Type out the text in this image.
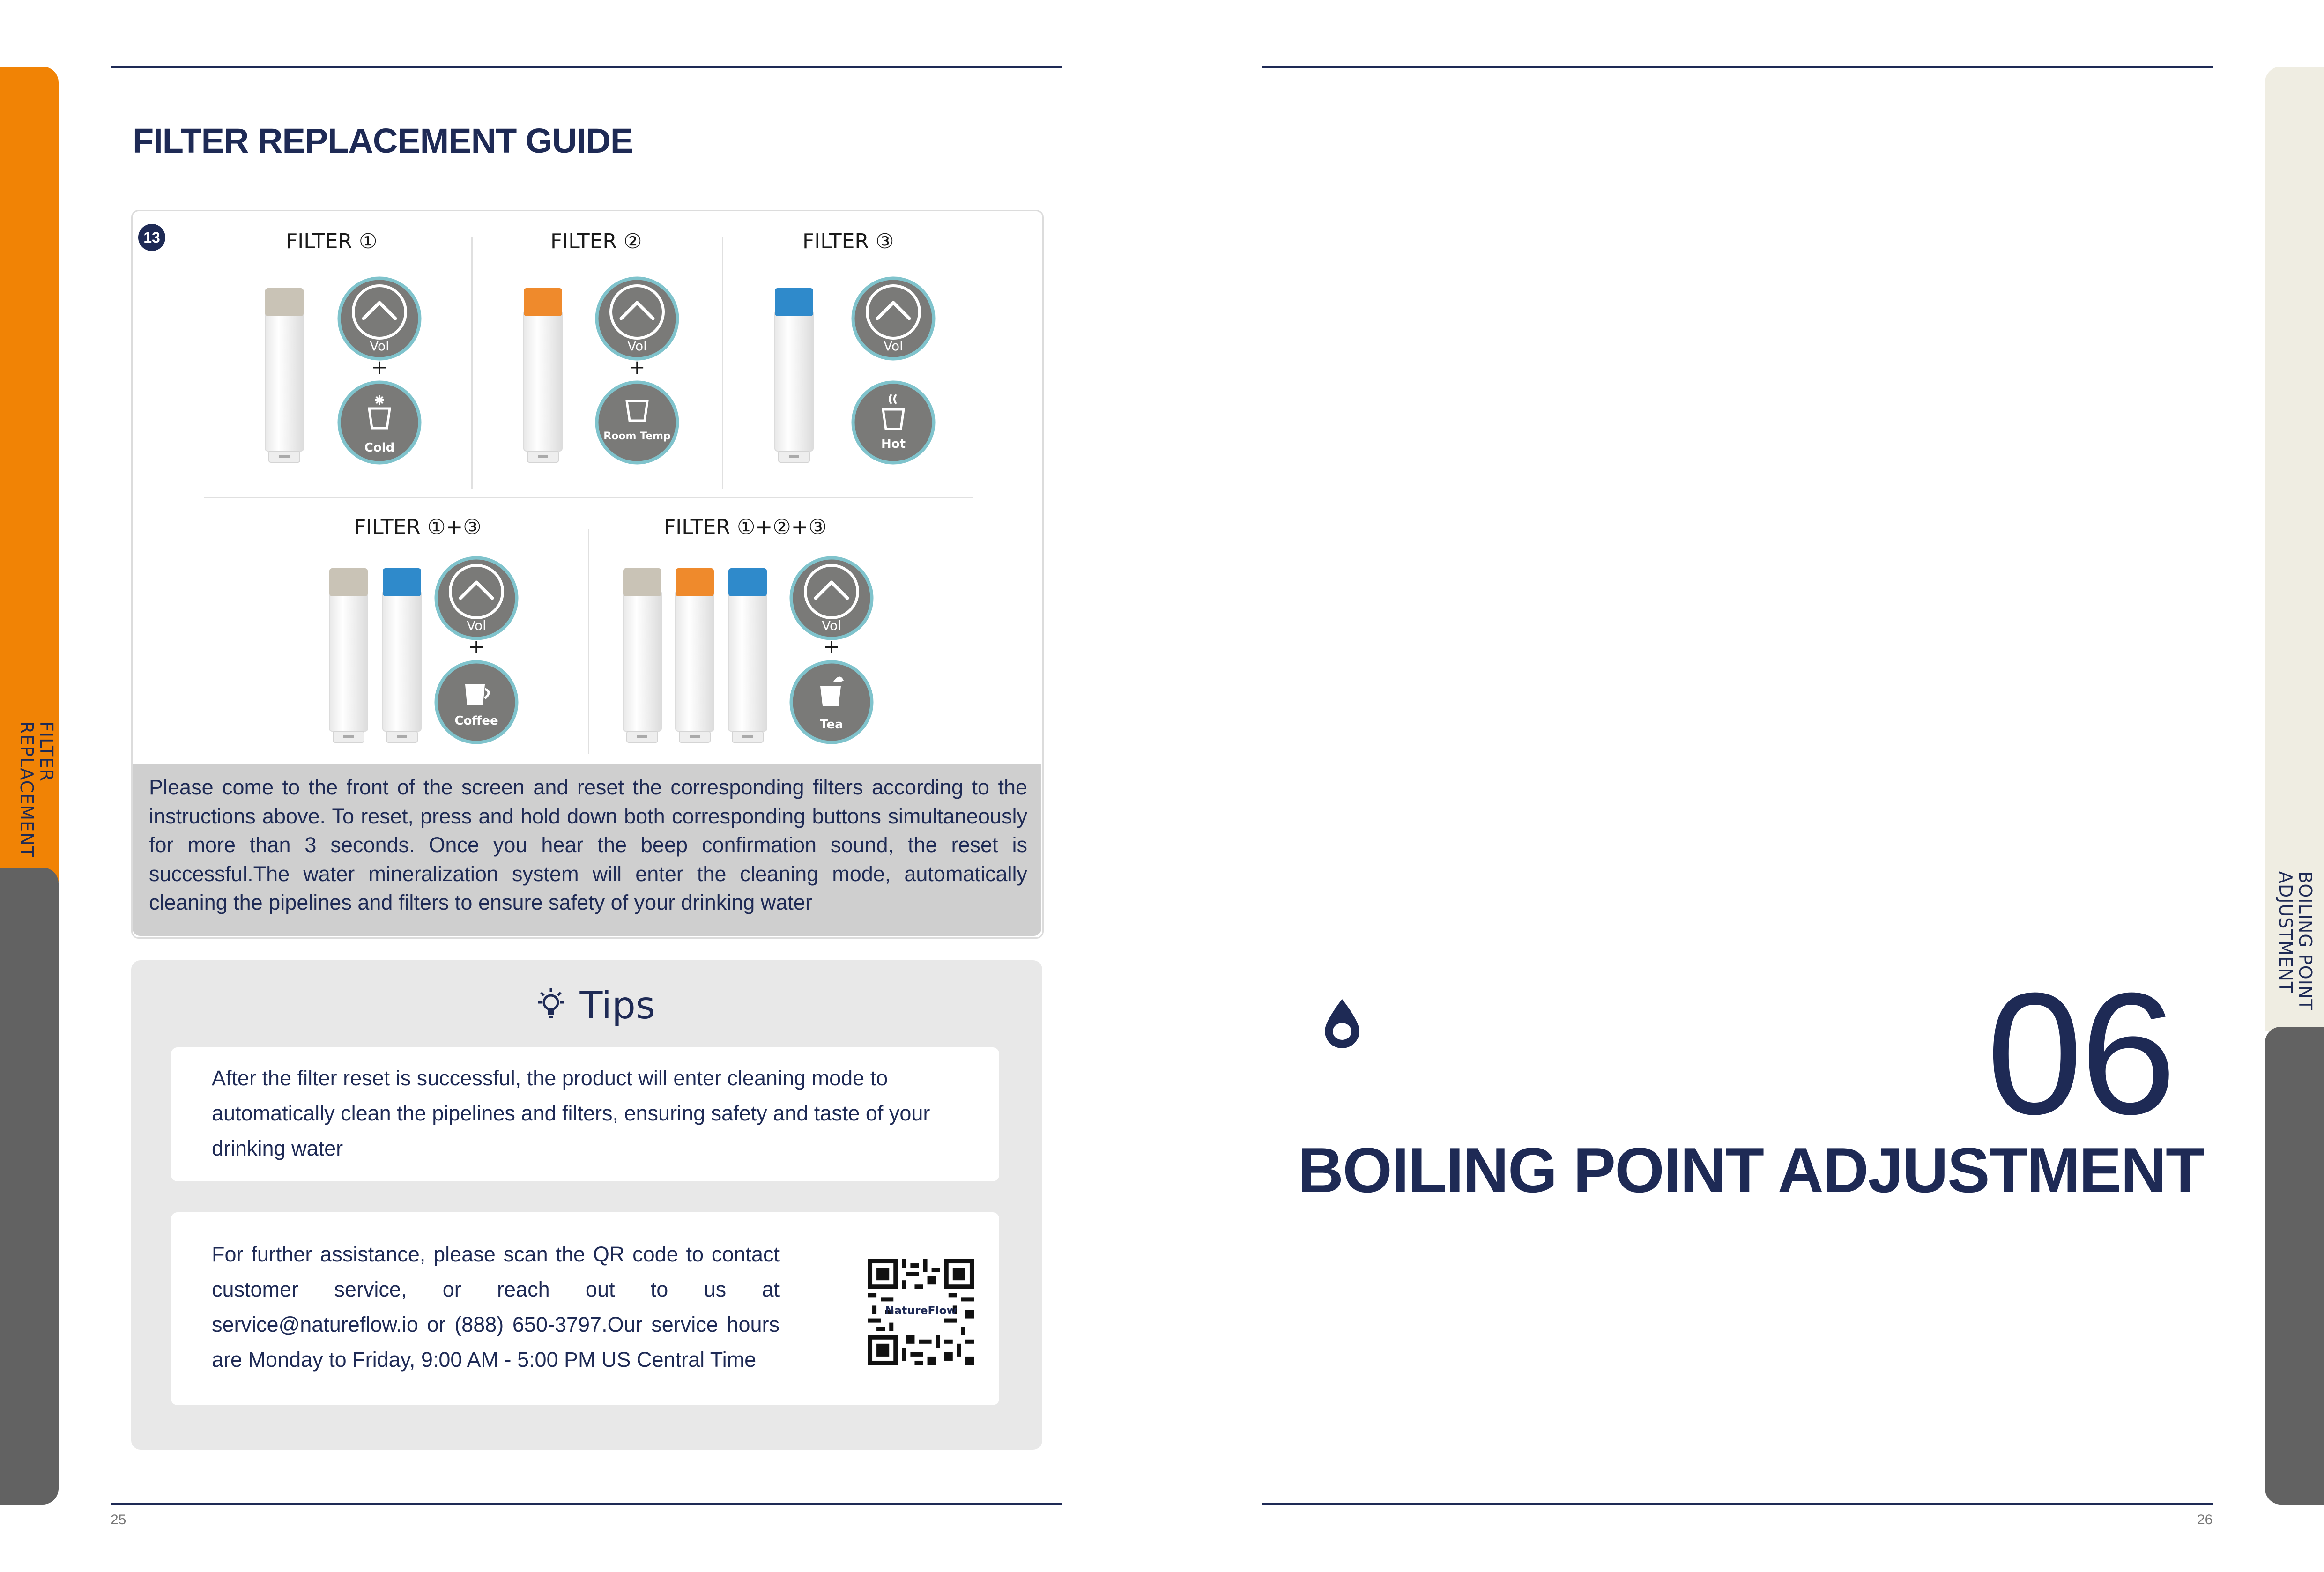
FILTER REPLACEMENT
BOILING POINT ADJUSTMENT
FILTER REPLACEMENT GUIDE
13	FILTER ①	FILTER ②	FILTER ③
FILTER ①+③	FILTER ①+②+③
Vol
+
Cold
Vol
+
Room Temp
Vol
Hot
Vol
+
Coffee
Vol
+
Tea
Please come to the front of the screen and reset the corresponding filters according to the instructions above. To reset, press and hold down both corresponding buttons simultaneously for more than 3 seconds. Once you hear the beep confirmation sound, the reset is successful.The water mineralization system will enter the cleaning mode, automatically cleaning the pipelines and filters to ensure safety of your drinking water
Tips
After the filter reset is successful, the product will enter cleaning mode to automatically clean the pipelines and filters, ensuring safety and taste of your drinking water
For further assistance, please scan the QR code to contact customer service, or reach out to us at service@natureflow.io or (888) 650-3797.Our service hours are Monday to Friday, 9:00 AM - 5:00 PM US Central Time
NatureFlow
25	26
06
BOILING POINT ADJUSTMENT
